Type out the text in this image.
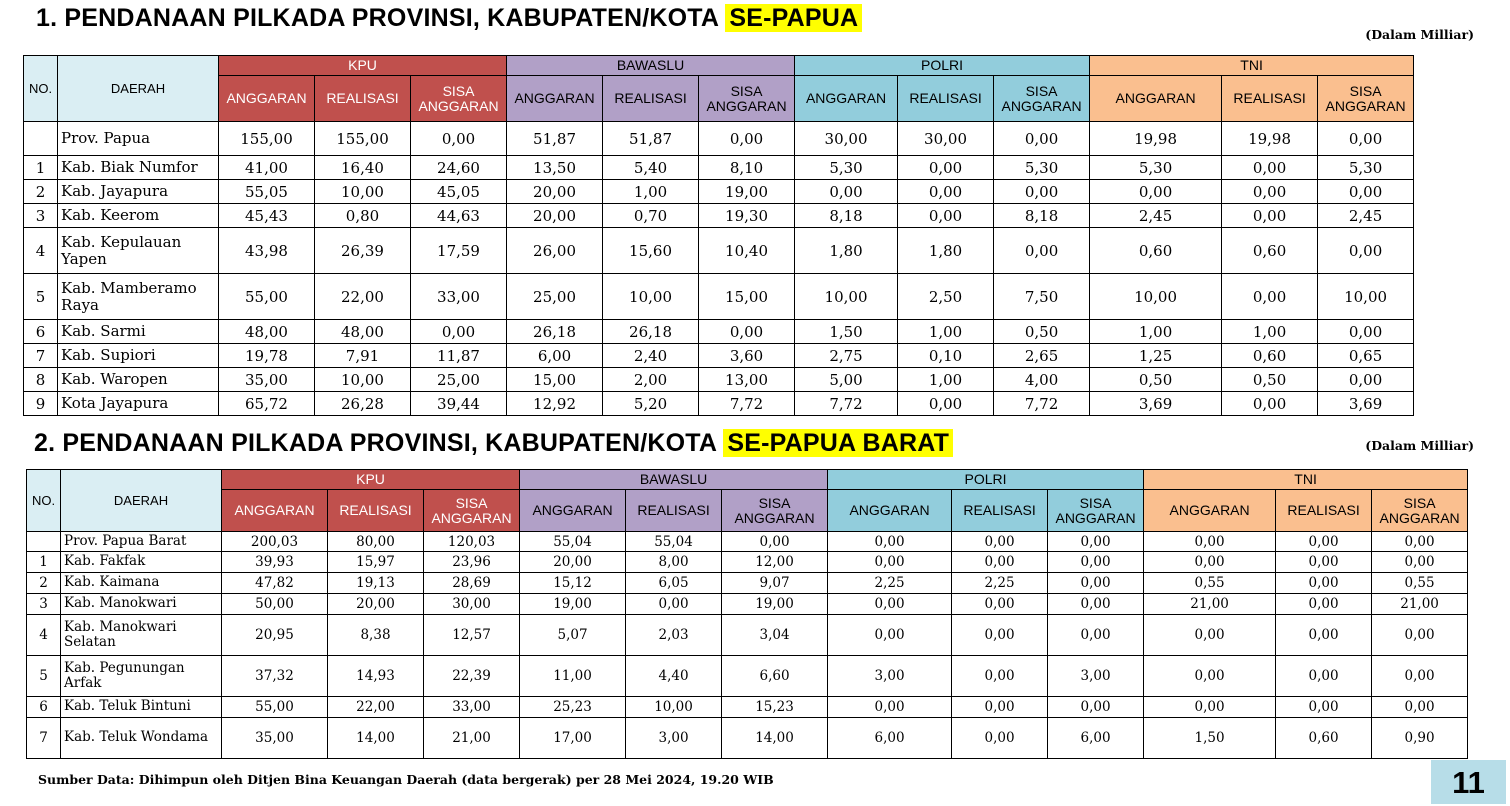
1. PENDANAAN PILKADA PROVINSI, KABUPATEN/KOTA SE-PAPUA
(Dalam Milliar)
NO.	DAERAH	KPU			BAWASLU			POLRI			TNI		
		ANGGARAN	REALISASI	SISA ANGGARAN	ANGGARAN	REALISASI	SISA ANGGARAN	ANGGARAN	REALISASI	SISA ANGGARAN	ANGGARAN	REALISASI	SISA ANGGARAN
	Prov. Papua	155,00	155,00	0,00	51,87	51,87	0,00	30,00	30,00	0,00	19,98	19,98	0,00
1	Kab. Biak Numfor	41,00	16,40	24,60	13,50	5,40	8,10	5,30	0,00	5,30	5,30	0,00	5,30
2	Kab. Jayapura	55,05	10,00	45,05	20,00	1,00	19,00	0,00	0,00	0,00	0,00	0,00	0,00
3	Kab. Keerom	45,43	0,80	44,63	20,00	0,70	19,30	8,18	0,00	8,18	2,45	0,00	2,45
4	Kab. Kepulauan Yapen	43,98	26,39	17,59	26,00	15,60	10,40	1,80	1,80	0,00	0,60	0,60	0,00
5	Kab. Mamberamo Raya	55,00	22,00	33,00	25,00	10,00	15,00	10,00	2,50	7,50	10,00	0,00	10,00
6	Kab. Sarmi	48,00	48,00	0,00	26,18	26,18	0,00	1,50	1,00	0,50	1,00	1,00	0,00
7	Kab. Supiori	19,78	7,91	11,87	6,00	2,40	3,60	2,75	0,10	2,65	1,25	0,60	0,65
8	Kab. Waropen	35,00	10,00	25,00	15,00	2,00	13,00	5,00	1,00	4,00	0,50	0,50	0,00
9	Kota Jayapura	65,72	26,28	39,44	12,92	5,20	7,72	7,72	0,00	7,72	3,69	0,00	3,69
2. PENDANAAN PILKADA PROVINSI, KABUPATEN/KOTA SE-PAPUA BARAT	(Dalam Milliar)
NO.	DAERAH	KPU			BAWASLU			POLRI			TNI		
		ANGGARAN	REALISASI	SISA ANGGARAN	ANGGARAN	REALISASI	SISA ANGGARAN	ANGGARAN	REALISASI	SISA ANGGARAN	ANGGARAN	REALISASI	SISA ANGGARAN
	Prov. Papua Barat	200,03	80,00	120,03	55,04	55,04	0,00	0,00	0,00	0,00	0,00	0,00	0,00
1	Kab. Fakfak	39,93	15,97	23,96	20,00	8,00	12,00	0,00	0,00	0,00	0,00	0,00	0,00
2	Kab. Kaimana	47,82	19,13	28,69	15,12	6,05	9,07	2,25	2,25	0,00	0,55	0,00	0,55
3	Kab. Manokwari	50,00	20,00	30,00	19,00	0,00	19,00	0,00	0,00	0,00	21,00	0,00	21,00
4	Kab. Manokwari Selatan	20,95	8,38	12,57	5,07	2,03	3,04	0,00	0,00	0,00	0,00	0,00	0,00
5	Kab. Pegunungan Arfak	37,32	14,93	22,39	11,00	4,40	6,60	3,00	0,00	3,00	0,00	0,00	0,00
6	Kab. Teluk Bintuni	55,00	22,00	33,00	25,23	10,00	15,23	0,00	0,00	0,00	0,00	0,00	0,00
7	Kab. Teluk Wondama	35,00	14,00	21,00	17,00	3,00	14,00	6,00	0,00	6,00	1,50	0,60	0,90
Sumber Data: Dihimpun oleh Ditjen Bina Keuangan Daerah (data bergerak) per 28 Mei 2024, 19.20 WIB	11
